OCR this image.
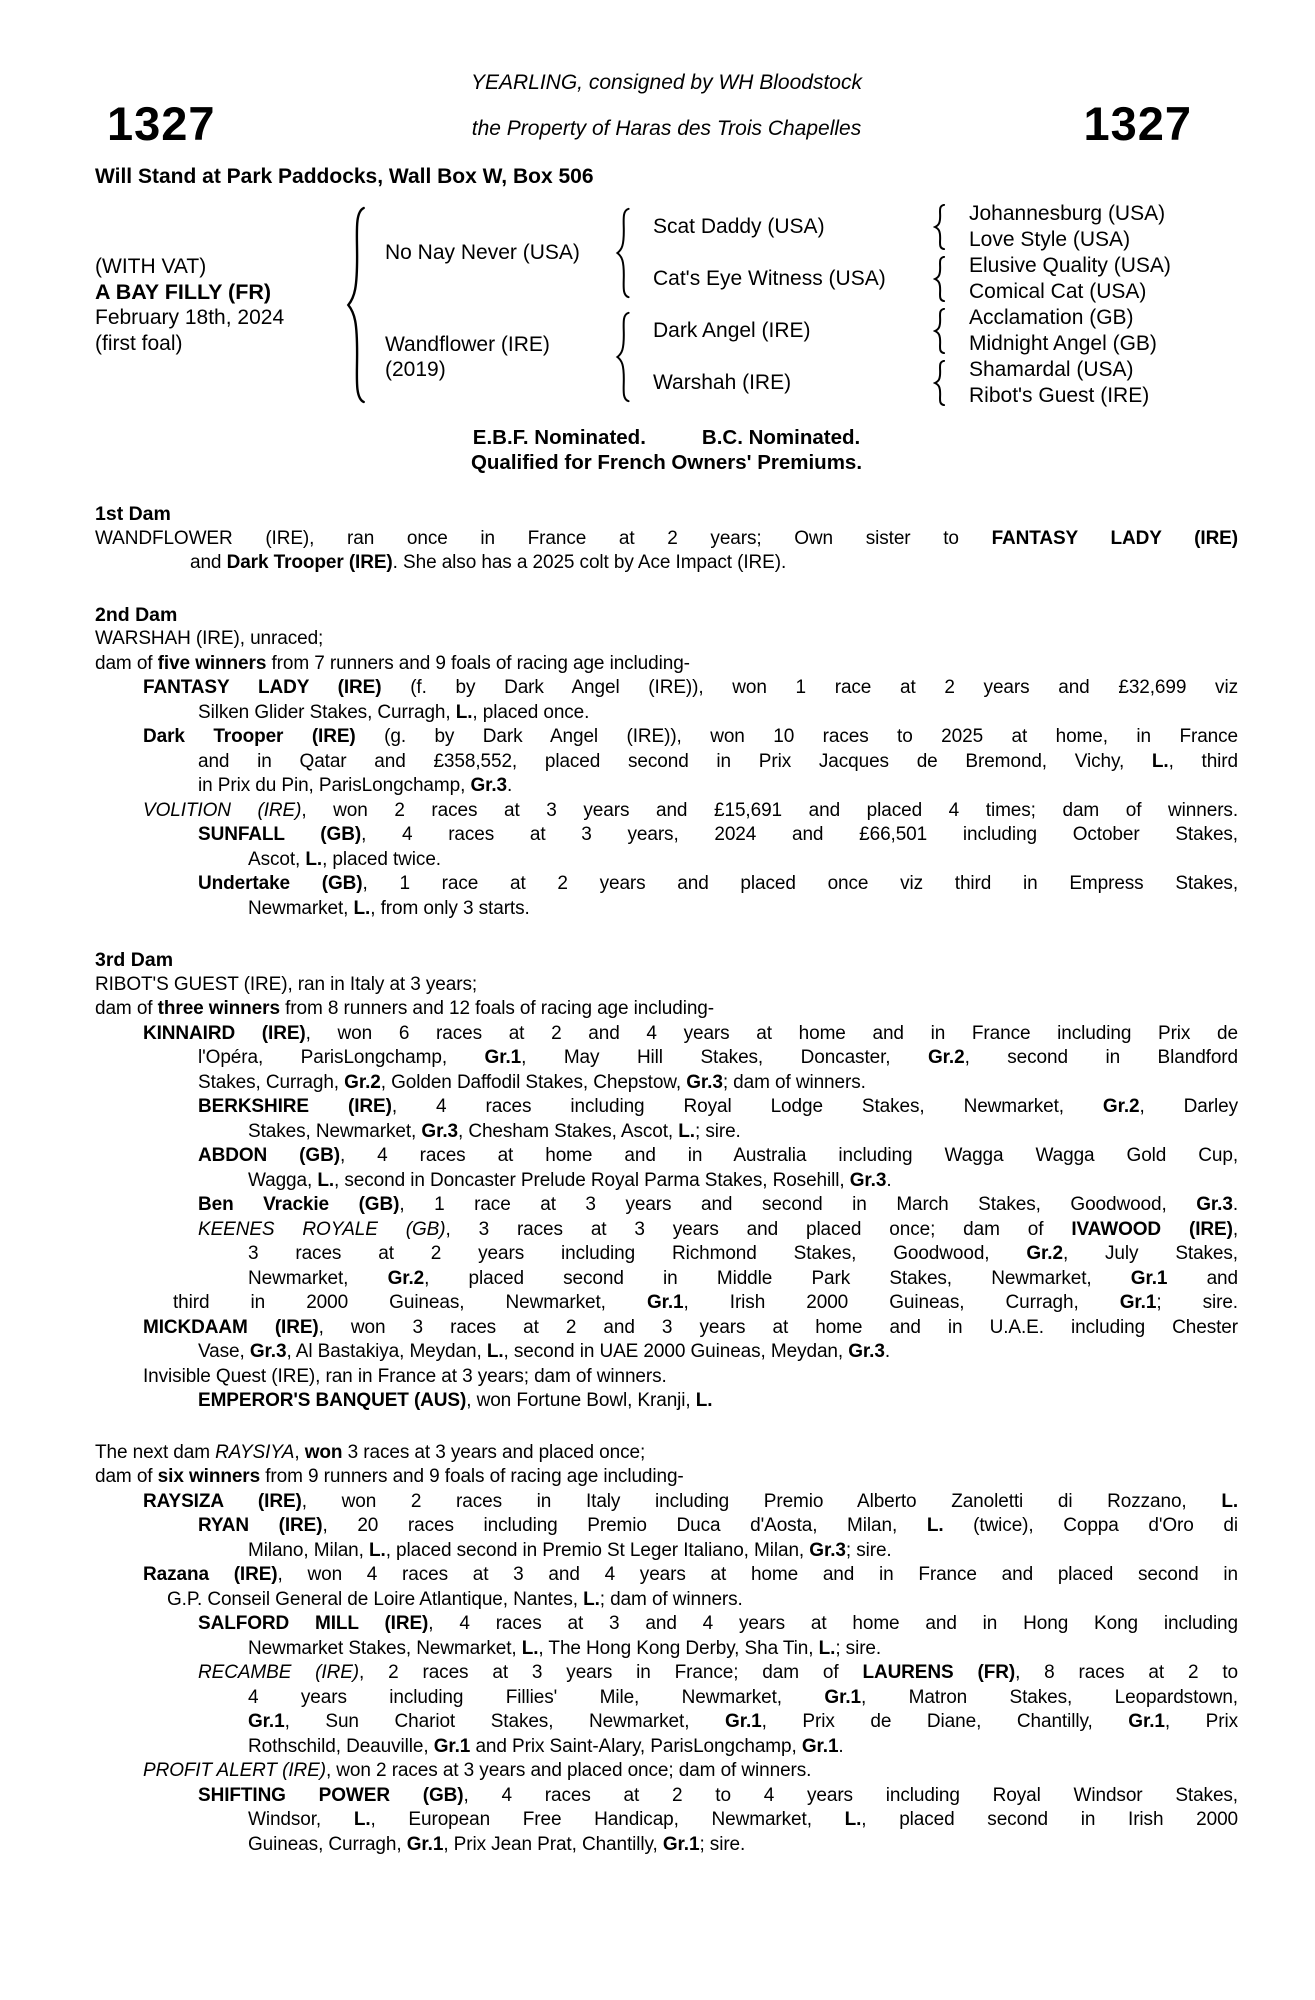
YEARLING, consigned by WH Bloodstock
1327	the Property of Haras des Trois Chapelles	1327
Will Stand at Park Paddocks, Wall Box W, Box 506
(WITH VAT)
A BAY FILLY (FR)
February 18th, 2024
(first foal)
No Nay Never (USA)
Wandflower (IRE)
(2019)
Scat Daddy (USA)
Cat's Eye Witness (USA)
Dark Angel (IRE)
Warshah (IRE)
Johannesburg (USA)
Love Style (USA)
Elusive Quality (USA)
Comical Cat (USA)
Acclamation (GB)
Midnight Angel (GB)
Shamardal (USA)
Ribot's Guest (IRE)
E.B.F. Nominated.	B.C. Nominated.
Qualified for French Owners' Premiums.
1st Dam
WANDFLOWER (IRE), ran once in France at 2 years; Own sister to FANTASY LADY (IRE)
and Dark Trooper (IRE). She also has a 2025 colt by Ace Impact (IRE).
2nd Dam
WARSHAH (IRE), unraced;
dam of five winners from 7 runners and 9 foals of racing age including-
FANTASY LADY (IRE) (f. by Dark Angel (IRE)), won 1 race at 2 years and £32,699 viz
Silken Glider Stakes, Curragh, L., placed once.
Dark Trooper (IRE) (g. by Dark Angel (IRE)), won 10 races to 2025 at home, in France
and in Qatar and £358,552, placed second in Prix Jacques de Bremond, Vichy, L., third
in Prix du Pin, ParisLongchamp, Gr.3.
VOLITION (IRE), won 2 races at 3 years and £15,691 and placed 4 times; dam of winners.
SUNFALL (GB), 4 races at 3 years, 2024 and £66,501 including October Stakes,
Ascot, L., placed twice.
Undertake (GB), 1 race at 2 years and placed once viz third in Empress Stakes,
Newmarket, L., from only 3 starts.
3rd Dam
RIBOT'S GUEST (IRE), ran in Italy at 3 years;
dam of three winners from 8 runners and 12 foals of racing age including-
KINNAIRD (IRE), won 6 races at 2 and 4 years at home and in France including Prix de
l'Opéra, ParisLongchamp, Gr.1, May Hill Stakes, Doncaster, Gr.2, second in Blandford
Stakes, Curragh, Gr.2, Golden Daffodil Stakes, Chepstow, Gr.3; dam of winners.
BERKSHIRE (IRE), 4 races including Royal Lodge Stakes, Newmarket, Gr.2, Darley
Stakes, Newmarket, Gr.3, Chesham Stakes, Ascot, L.; sire.
ABDON (GB), 4 races at home and in Australia including Wagga Wagga Gold Cup,
Wagga, L., second in Doncaster Prelude Royal Parma Stakes, Rosehill, Gr.3.
Ben Vrackie (GB), 1 race at 3 years and second in March Stakes, Goodwood, Gr.3.
KEENES ROYALE (GB), 3 races at 3 years and placed once; dam of IVAWOOD (IRE),
3 races at 2 years including Richmond Stakes, Goodwood, Gr.2, July Stakes,
Newmarket, Gr.2, placed second in Middle Park Stakes, Newmarket, Gr.1 and
third in 2000 Guineas, Newmarket, Gr.1, Irish 2000 Guineas, Curragh, Gr.1; sire.
MICKDAAM (IRE), won 3 races at 2 and 3 years at home and in U.A.E. including Chester
Vase, Gr.3, Al Bastakiya, Meydan, L., second in UAE 2000 Guineas, Meydan, Gr.3.
Invisible Quest (IRE), ran in France at 3 years; dam of winners.
EMPEROR'S BANQUET (AUS), won Fortune Bowl, Kranji, L.
The next dam RAYSIYA, won 3 races at 3 years and placed once;
dam of six winners from 9 runners and 9 foals of racing age including-
RAYSIZA (IRE), won 2 races in Italy including Premio Alberto Zanoletti di Rozzano, L.
RYAN (IRE), 20 races including Premio Duca d'Aosta, Milan, L. (twice), Coppa d'Oro di
Milano, Milan, L., placed second in Premio St Leger Italiano, Milan, Gr.3; sire.
Razana (IRE), won 4 races at 3 and 4 years at home and in France and placed second in
G.P. Conseil General de Loire Atlantique, Nantes, L.; dam of winners.
SALFORD MILL (IRE), 4 races at 3 and 4 years at home and in Hong Kong including
Newmarket Stakes, Newmarket, L., The Hong Kong Derby, Sha Tin, L.; sire.
RECAMBE (IRE), 2 races at 3 years in France; dam of LAURENS (FR), 8 races at 2 to
4 years including Fillies' Mile, Newmarket, Gr.1, Matron Stakes, Leopardstown,
Gr.1, Sun Chariot Stakes, Newmarket, Gr.1, Prix de Diane, Chantilly, Gr.1, Prix
Rothschild, Deauville, Gr.1 and Prix Saint-Alary, ParisLongchamp, Gr.1.
PROFIT ALERT (IRE), won 2 races at 3 years and placed once; dam of winners.
SHIFTING POWER (GB), 4 races at 2 to 4 years including Royal Windsor Stakes,
Windsor, L., European Free Handicap, Newmarket, L., placed second in Irish 2000
Guineas, Curragh, Gr.1, Prix Jean Prat, Chantilly, Gr.1; sire.
